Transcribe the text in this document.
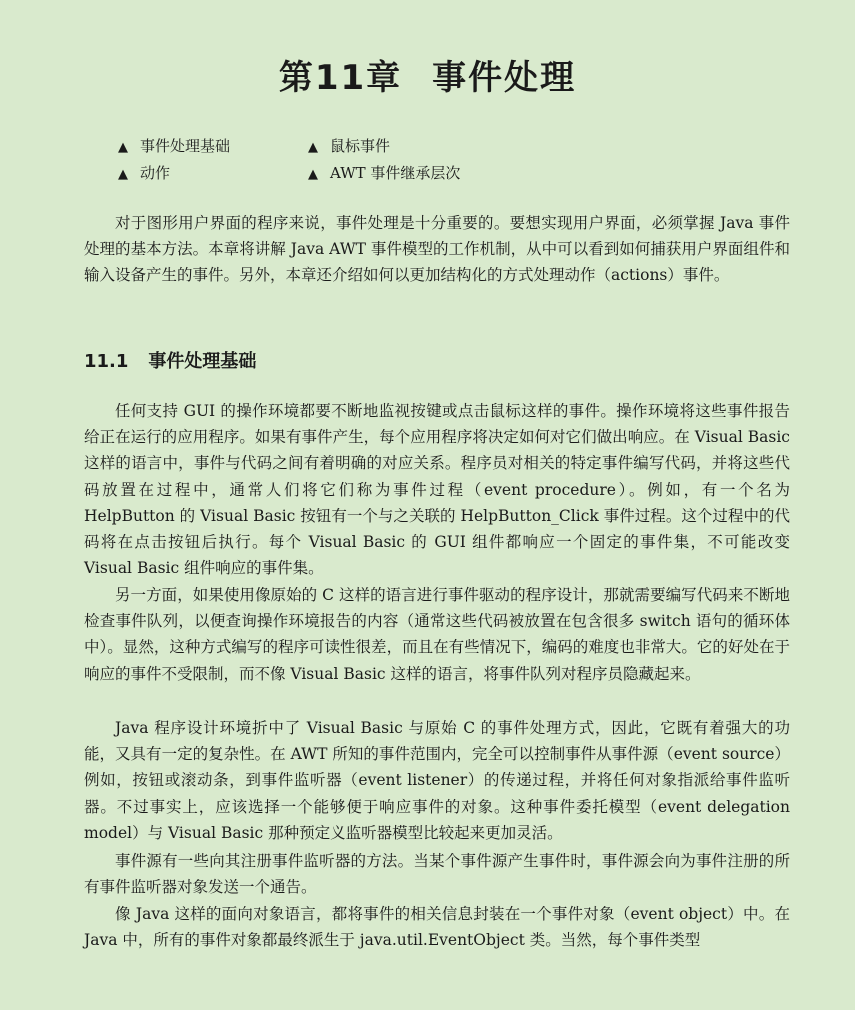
第11章 事件处理
▲ 事件处理基础	▲ 鼠标事件
▲ 动作	▲ AWT 事件继承层次

对于图形用户界面的程序来说，事件处理是十分重要的。要想实现用户界面，必须掌握 Java 事件处理的基本方法。本章将讲解 Java AWT 事件模型的工作机制，从中可以看到如何捕获用户界面组件和输入设备产生的事件。另外，本章还介绍如何以更加结构化的方式处理动作（actions）事件。

11.1 事件处理基础

任何支持 GUI 的操作环境都要不断地监视按键或点击鼠标这样的事件。操作环境将这些事件报告给正在运行的应用程序。如果有事件产生，每个应用程序将决定如何对它们做出响应。在 Visual Basic 这样的语言中，事件与代码之间有着明确的对应关系。程序员对相关的特定事件编写代码，并将这些代码放置在过程中，通常人们将它们称为事件过程（event procedure）。例如，有一个名为 HelpButton 的 Visual Basic 按钮有一个与之关联的 HelpButton_Click 事件过程。这个过程中的代码将在点击按钮后执行。每个 Visual Basic 的 GUI 组件都响应一个固定的事件集，不可能改变 Visual Basic 组件响应的事件集。

另一方面，如果使用像原始的 C 这样的语言进行事件驱动的程序设计，那就需要编写代码来不断地检查事件队列，以便查询操作环境报告的内容（通常这些代码被放置在包含很多 switch 语句的循环体中）。显然，这种方式编写的程序可读性很差，而且在有些情况下，编码的难度也非常大。它的好处在于响应的事件不受限制，而不像 Visual Basic 这样的语言，将事件队列对程序员隐藏起来。

Java 程序设计环境折中了 Visual Basic 与原始 C 的事件处理方式，因此，它既有着强大的功能，又具有一定的复杂性。在 AWT 所知的事件范围内，完全可以控制事件从事件源（event source）例如，按钮或滚动条，到事件监听器（event listener）的传递过程，并将任何对象指派给事件监听器。不过事实上，应该选择一个能够便于响应事件的对象。这种事件委托模型（event delegation model）与 Visual Basic 那种预定义监听器模型比较起来更加灵活。

事件源有一些向其注册事件监听器的方法。当某个事件源产生事件时，事件源会向为事件注册的所有事件监听器对象发送一个通告。

像 Java 这样的面向对象语言，都将事件的相关信息封装在一个事件对象（event object）中。在 Java 中，所有的事件对象都最终派生于 java.util.EventObject 类。当然，每个事件类型
